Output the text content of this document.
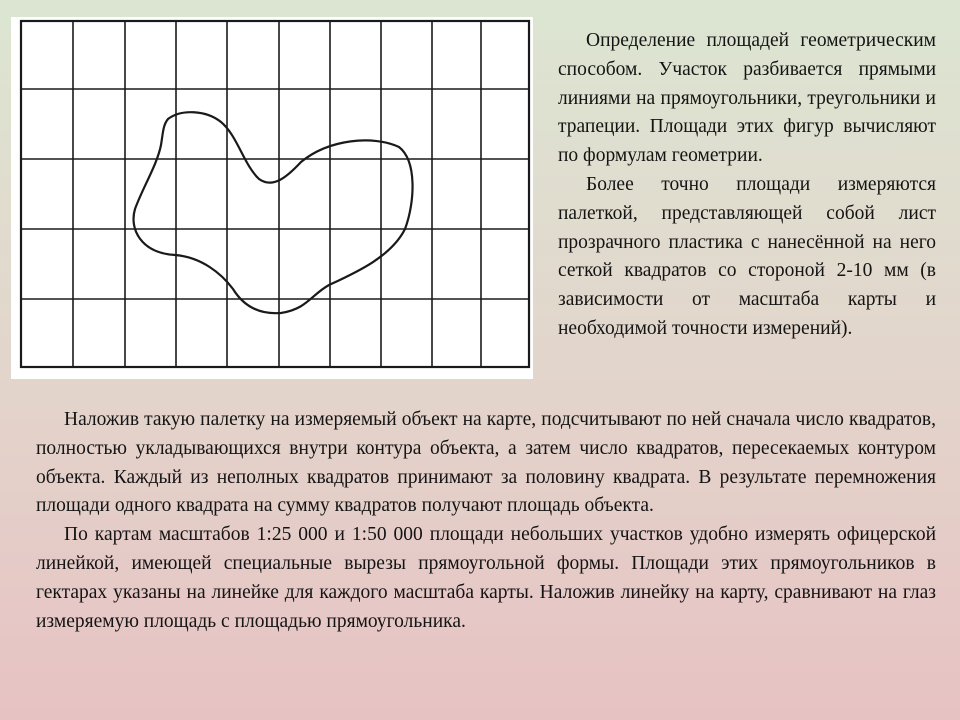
Определение площадей геометрическим способом. Участок разбивается прямыми линиями на прямоугольники, треугольники и трапеции. Площади этих фигур вычисляют по формулам геометрии.

Более точно площади измеряются палеткой, представляющей собой лист прозрачного пластика с нанесённой на него сеткой квадратов со стороной 2-10 мм (в зависимости от масштаба карты и необходимой точности измерений).

Наложив такую палетку на измеряемый объект на карте, подсчитывают по ней сначала число квадратов, полностью укладывающихся внутри контура объекта, а затем число квадратов, пересекаемых контуром объекта. Каждый из неполных квадратов принимают за половину квадрата. В результате перемножения площади одного квадрата на сумму квадратов получают площадь объекта.

По картам масштабов 1:25 000 и 1:50 000 площади небольших участков удобно измерять офицерской линейкой, имеющей специальные вырезы прямоугольной формы. Площади этих прямоугольников в гектарах указаны на линейке для каждого масштаба карты. Наложив линейку на карту, сравнивают на глаз измеряемую площадь с площадью прямоугольника.
